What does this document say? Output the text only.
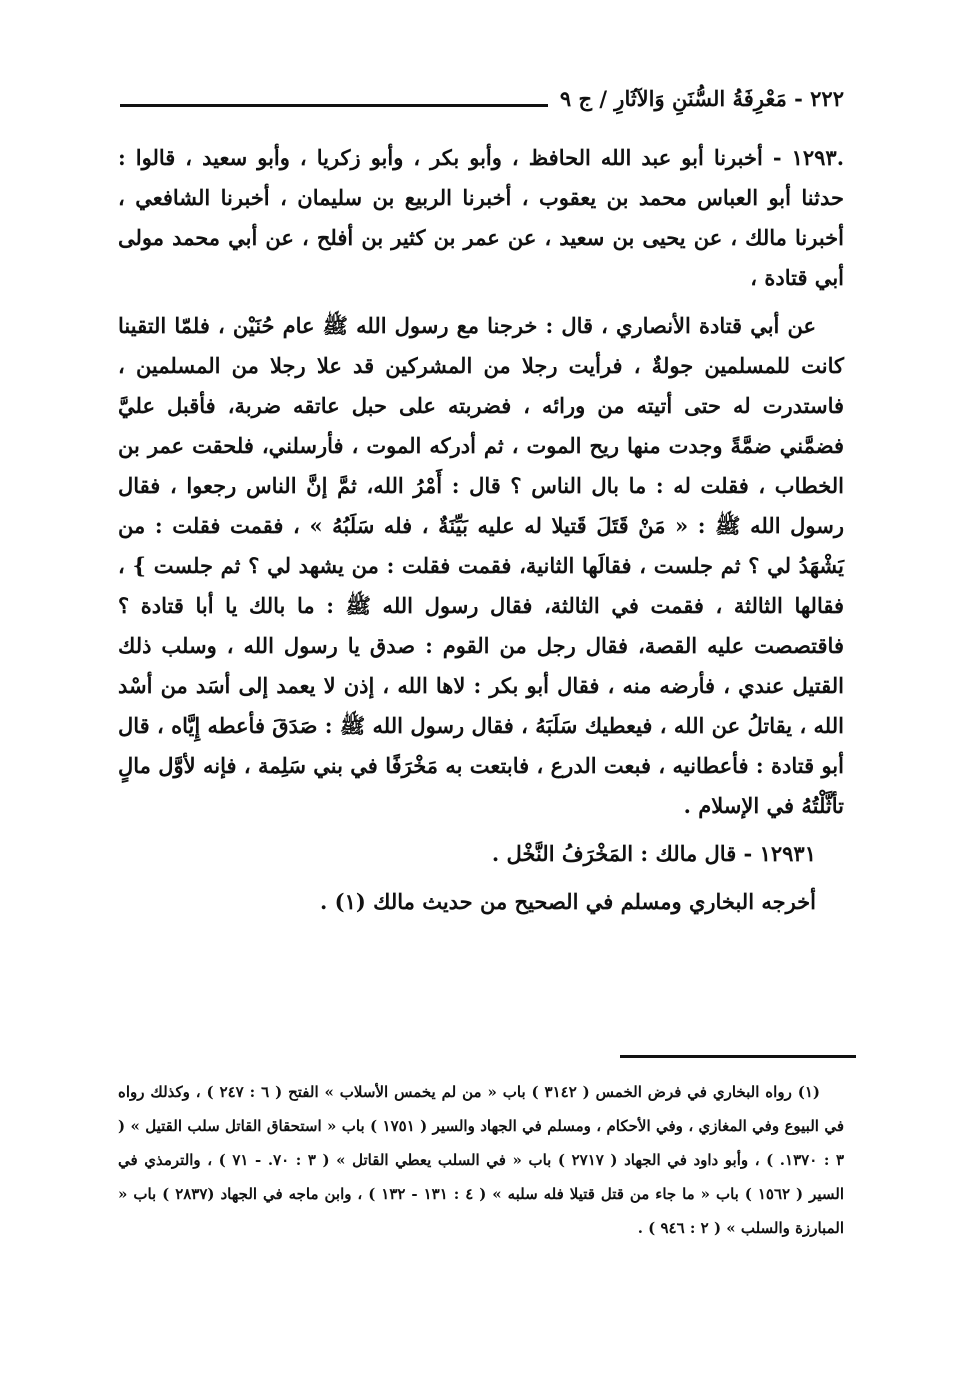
٢٢٢ - مَعْرِفَةُ السُّنَنِ وَالآثَارِ / ج ٩

.١٢٩٣ - أخبرنا أبو عبد الله الحافظ ، وأبو بكر ، وأبو زكريا ، وأبو سعيد ، قالوا : حدثنا أبو العباس محمد بن يعقوب ، أخبرنا الربيع بن سليمان ، أخبرنا الشافعي ، أخبرنا مالك ، عن يحيى بن سعيد ، عن عمر بن كثير بن أفلح ، عن أبي محمد مولى أبي قتادة ،

عن أبي قتادة الأنصاري ، قال : خرجنا مع رسول الله ﷺ عام حُنَيْن ، فلمّا التقينا كانت للمسلمين جولةٌ ، فرأيت رجلا من المشركين قد علا رجلا من المسلمين ، فاستدرت له حتى أتيته من ورائه ، فضربته على حبل عاتقه ضربة، فأقبل عليَّ فضمَّني ضمَّةً وجدت منها ريح الموت ، ثم أدركه الموت ، فأرسلني، فلحقت عمر بن الخطاب ، فقلت له : ما بال الناس ؟ قال : أَمْرُ الله، ثمَّ إنَّ الناس رجعوا ، فقال رسول الله ﷺ : « مَنْ قَتَلَ قَتيلا له عليه بَيِّنَةٌ ، فله سَلَبُهُ » ، فقمت فقلت : من يَشْهَدُ لي ؟ ثم جلست ، فقالَها الثانية، فقمت فقلت : من يشهد لي ؟ ثم جلست } ، فقالها الثالثة ، فقمت في الثالثة، فقال رسول الله ﷺ : ما بالك يا أبا قتادة ؟ فاقتصصت عليه القصة، فقال رجل من القوم : صدق يا رسول الله ، وسلب ذلك القتيل عندي ، فأرضه منه ، فقال أبو بكر : لاها الله ، إذن لا يعمد إلى أسَد من أسْد الله ، يقاتلُ عن الله ، فيعطيك سَلَبَهُ ، فقال رسول الله ﷺ : صَدَقَ فأعطه إِيَّاه ، قال أبو قتادة : فأعطانيه ، فبعت الدرع ، فابتعت به مَخْرَفًا في بني سَلِمة ، فإنه لأوَّل مالٍ تأثَّلْتُهُ في الإسلام .

١٢٩٣١ - قال مالك : المَخْرَفُ النَّخْل .

أخرجه البخاري ومسلم في الصحيح من حديث مالك (١) .

(١) رواه البخاري في فرض الخمس ( ٣١٤٢ ) باب « من لم يخمس الأسلاب » الفتح ( ٦ : ٢٤٧ ) ، وكذلك رواه في البيوع وفي المغازي ، وفي الأحكام ، ومسلم في الجهاد والسير ( ١٧٥١ ) باب « استحقاق القاتل سلب القتيل » ( ٣ : ١٣٧٠. ) ، وأبو داود في الجهاد ( ٢٧١٧ ) باب « في السلب يعطي القاتل » ( ٣ : ٧٠. - ٧١ ) ، والترمذي في السير ( ١٥٦٢ ) باب « ما جاء من قتل قتيلا فله سلبه » ( ٤ : ١٣١ - ١٣٢ ) ، وابن ماجه في الجهاد (٢٨٣٧ ) باب « المبارزة والسلب » ( ٢ : ٩٤٦ ) .
